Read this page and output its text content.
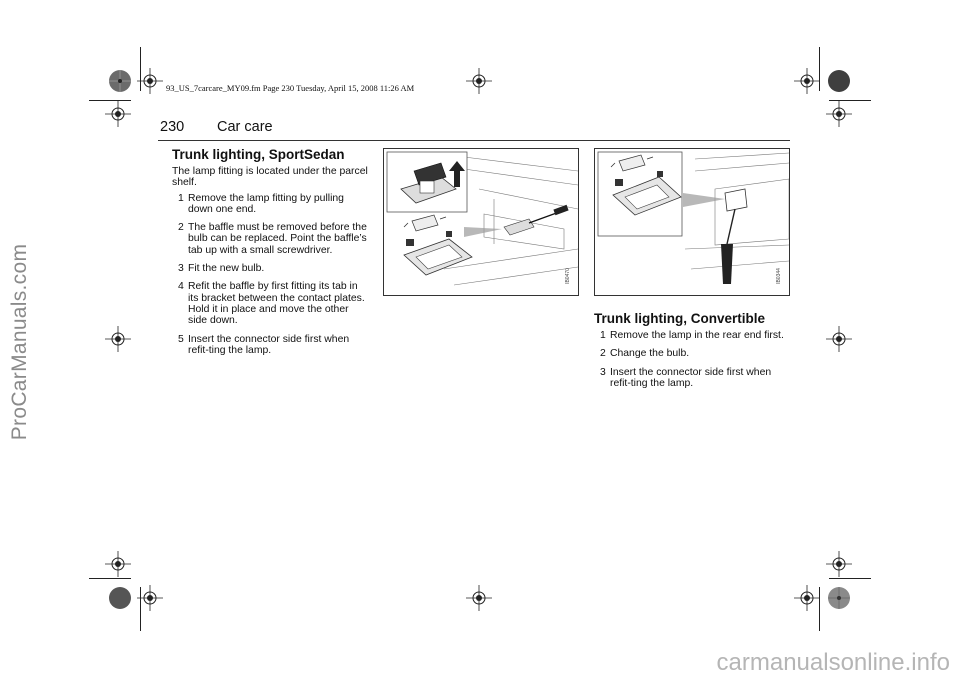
ProCarManuals.com
carmanualsonline.info
93_US_7carcare_MY09.fm Page 230 Tuesday, April 15, 2008 11:26 AM
230 Car care
Trunk lighting, SportSedan
The lamp fitting is located under the parcel shelf.
1 Remove the lamp fitting by pulling down one end.
2 The baffle must be removed before the bulb can be replaced. Point the baffle’s tab up with a small screwdriver.
3 Fit the new bulb.
4 Refit the baffle by first fitting its tab in its bracket between the contact plates. Hold it in place and move the other side down.
5 Insert the connector side first when refit-ting the lamp.
IB0470	IB0344
Trunk lighting, Convertible
1 Remove the lamp in the rear end first.
2 Change the bulb.
3 Insert the connector side first when refit-ting the lamp.
